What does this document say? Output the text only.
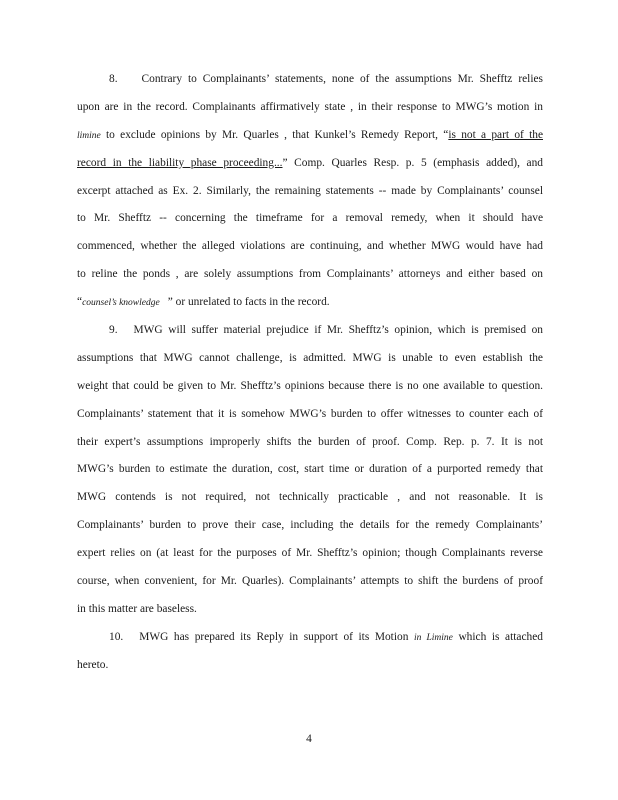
8. Contrary to Complainants’ statements, none of the assumptions Mr. Shefftz relies
upon are in the record. Complainants affirmatively state , in their response to MWG’s motion in
limine to exclude opinions by Mr. Quarles , that Kunkel’s Remedy Report, “is not a part of the
record in the liability phase proceeding...” Comp. Quarles Resp. p. 5 (emphasis added), and
excerpt attached as Ex. 2. Similarly, the remaining statements -- made by Complainants’ counsel
to Mr. Shefftz -- concerning the timeframe for a removal remedy, when it should have
commenced, whether the alleged violations are continuing, and whether MWG would have had
to reline the ponds , are solely assumptions from Complainants’ attorneys and either based on
“counsel’s knowledge ” or unrelated to facts in the record.
9. MWG will suffer material prejudice if Mr. Shefftz’s opinion, which is premised on
assumptions that MWG cannot challenge, is admitted. MWG is unable to even establish the
weight that could be given to Mr. Shefftz’s opinions because there is no one available to question.
Complainants’ statement that it is somehow MWG’s burden to offer witnesses to counter each of
their expert’s assumptions improperly shifts the burden of proof. Comp. Rep. p. 7. It is not
MWG’s burden to estimate the duration, cost, start time or duration of a purported remedy that
MWG contends is not required, not technically practicable , and not reasonable. It is
Complainants’ burden to prove their case, including the details for the remedy Complainants’
expert relies on (at least for the purposes of Mr. Shefftz’s opinion; though Complainants reverse
course, when convenient, for Mr. Quarles). Complainants’ attempts to shift the burdens of proof
in this matter are baseless.
10. MWG has prepared its Reply in support of its Motion in Limine which is attached
hereto.
4
